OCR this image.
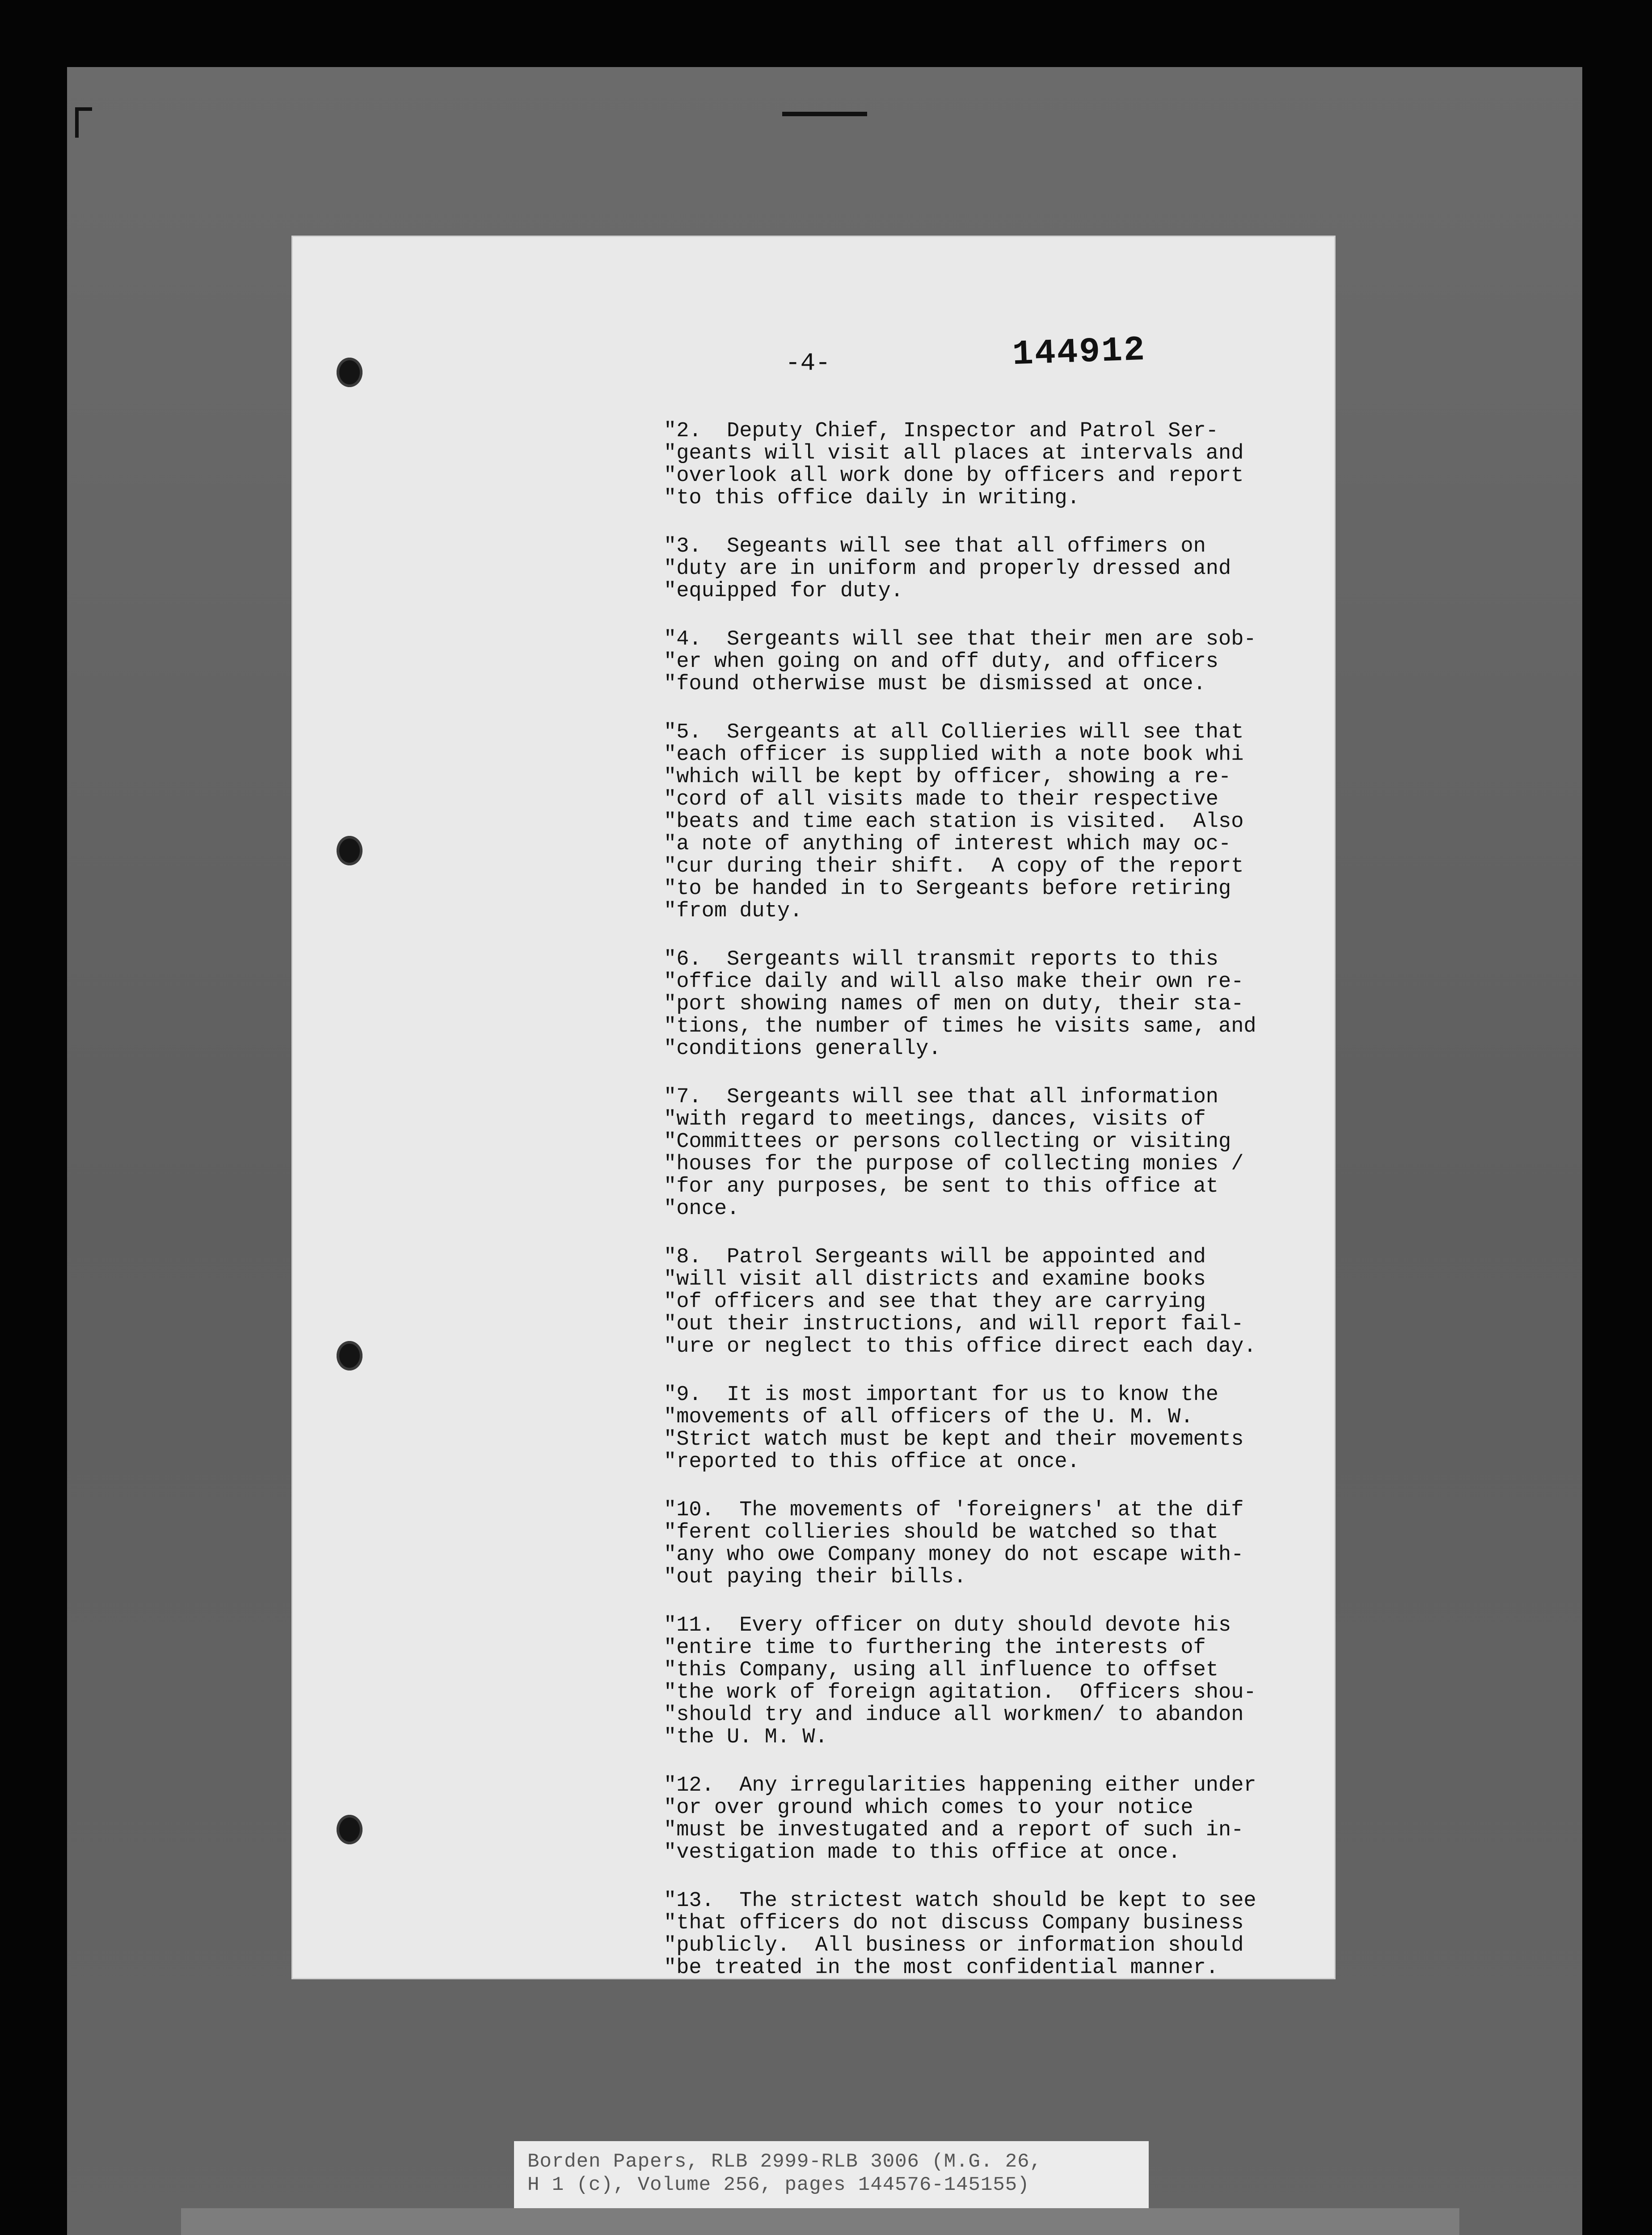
-4-	144912
"2.  Deputy Chief, Inspector and Patrol Ser-
"geants will visit all places at intervals and
"overlook all work done by officers and report
"to this office daily in writing.
"3.  Segeants will see that all offimers on
"duty are in uniform and properly dressed and
"equipped for duty.
"4.  Sergeants will see that their men are sob-
"er when going on and off duty, and officers
"found otherwise must be dismissed at once.
"5.  Sergeants at all Collieries will see that
"each officer is supplied with a note book whi
"which will be kept by officer, showing a re-
"cord of all visits made to their respective
"beats and time each station is visited.  Also
"a note of anything of interest which may oc-
"cur during their shift.  A copy of the report
"to be handed in to Sergeants before retiring
"from duty.
"6.  Sergeants will transmit reports to this
"office daily and will also make their own re-
"port showing names of men on duty, their sta-
"tions, the number of times he visits same, and
"conditions generally.
"7.  Sergeants will see that all information
"with regard to meetings, dances, visits of
"Committees or persons collecting or visiting
"houses for the purpose of collecting monies /
"for any purposes, be sent to this office at
"once.
"8.  Patrol Sergeants will be appointed and
"will visit all districts and examine books
"of officers and see that they are carrying
"out their instructions, and will report fail-
"ure or neglect to this office direct each day.
"9.  It is most important for us to know the
"movements of all officers of the U. M. W.
"Strict watch must be kept and their movements
"reported to this office at once.
"10.  The movements of 'foreigners' at the dif
"ferent collieries should be watched so that
"any who owe Company money do not escape with-
"out paying their bills.
"11.  Every officer on duty should devote his
"entire time to furthering the interests of
"this Company, using all influence to offset
"the work of foreign agitation.  Officers shou-
"should try and induce all workmen/ to abandon
"the U. M. W.
"12.  Any irregularities happening either under
"or over ground which comes to your notice
"must be investugated and a report of such in-
"vestigation made to this office at once.
"13.  The strictest watch should be kept to see
"that officers do not discuss Company business
"publicly.  All business or information should
"be treated in the most confidential manner.
Borden Papers, RLB 2999-RLB 3006 (M.G. 26,
H 1 (c), Volume 256, pages 144576-145155)
